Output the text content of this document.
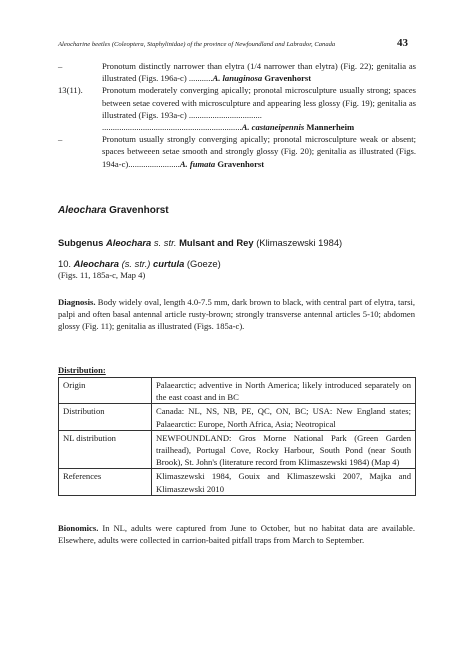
Aleocharine beetles (Coleoptera, Staphylinidae) of the province of Newfoundland and Labrador, Canada	43
–	Pronotum distinctly narrower than elytra (1/4 narrower than elytra) (Fig. 22); genitalia as illustrated (Figs. 196a-c) ...........A. lanuginosa Gravenhorst
13(11).	Pronotum moderately converging apically; pronotal microsculpture usually strong; spaces between setae covered with microsculpture and appearing less glossy (Fig. 19); genitalia as illustrated (Figs. 193a-c) ..................................
.................................................................A. castaneipennis Mannerheim
–	Pronotum usually strongly converging apically; pronotal microsculpture weak or absent; spaces betweeen setae smooth and strongly glossy (Fig. 20); genitalia as illustrated (Figs. 194a-c)........................A. fumata Gravenhorst
Aleochara Gravenhorst
Subgenus Aleochara s. str. Mulsant and Rey (Klimaszewski 1984)
10. Aleochara (s. str.) curtula (Goeze)
(Figs. 11, 185a-c, Map 4)
Diagnosis. Body widely oval, length 4.0-7.5 mm, dark brown to black, with central part of elytra, tarsi, palpi and often basal antennal article rusty-brown; strongly transverse antennal articles 5-10; abdomen glossy (Fig. 11); genitalia as illustrated (Figs. 185a-c).
Distribution:
Origin	Palaearctic; adventive in North America; likely introduced separately on the east coast and in BC
Distribution	Canada: NL, NS, NB, PE, QC, ON, BC; USA: New England states; Palaearctic: Europe, North Africa, Asia; Neotropical
NL distribution	NEWFOUNDLAND: Gros Morne National Park (Green Garden trailhead), Portugal Cove, Rocky Harbour, South Pond (near South Brook), St. John's (literature record from Klimaszewski 1984) (Map 4)
References	Klimaszewski 1984, Gouix and Klimaszewski 2007, Majka and Klimaszewski 2010
Bionomics. In NL, adults were captured from June to October, but no habitat data are available. Elsewhere, adults were collected in carrion-baited pitfall traps from March to September.
